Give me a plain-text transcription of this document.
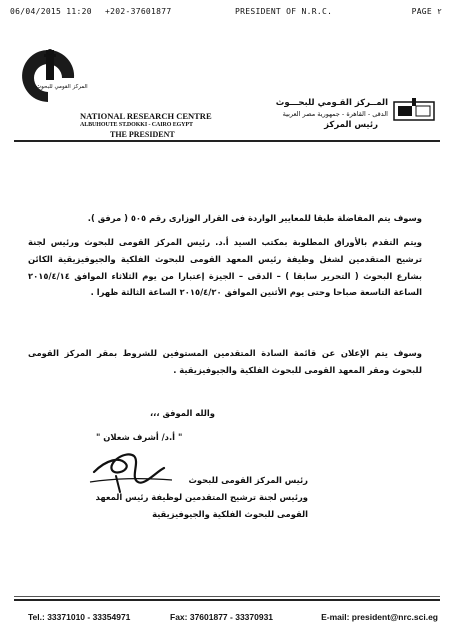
06/04/2015 11:20 +202-37601877	PRESIDENT OF N.R.C.	PAGE ٢
المركز القومي للبحوث
NATIONAL RESEARCH CENTRE
ALBUHOUTE ST.DOKKI - CAIRO EGYPT
THE PRESIDENT
المــركز القـومي للبحـــوث
الدقى - القاهرة - جمهورية مصر العربية
رئيس المركز
وسوف يتم المفاضلة طبقا للمعايير الواردة فى القرار الوزارى رقم ٥٠٥ ( مرفق ).
ويتم التقدم بالأوراق المطلوبة بمكتب السيد أ.د. رئيس المركز القومى للبحوث ورئيس لجنة ترشيح المتقدمين لشغل وظيفة رئيس المعهد القومى للبحوث الفلكية والجيوفيزيقية الكائن بشارع البحوث ( التحرير سابقا ) – الدقى – الجيزة إعتبارا من يوم الثلاثاء الموافق ٢٠١٥/٤/١٤ الساعة التاسعة صباحا وحتى يوم الأثنين الموافق ٢٠١٥/٤/٢٠ الساعة الثالثة ظهرا .
وسوف يتم الإعلان عن قائمة السادة المتقدمين المستوفين للشروط بمقر المركز القومى للبحوث ومقر المعهد القومى للبحوث الفلكية والجيوفيزيقية .
والله الموفق ،،،
" أ.د/ أشرف شعلان "
رئيس المركز القومى للبحوث
ورئيس لجنة ترشيح المتقدمين لوظيفة رئيس المعهد
القومى للبحوث الفلكية والجيوفيزيقية
Tel.: 33371010 - 33354971	Fax: 37601877 - 33370931	E-mail: president@nrc.sci.eg
